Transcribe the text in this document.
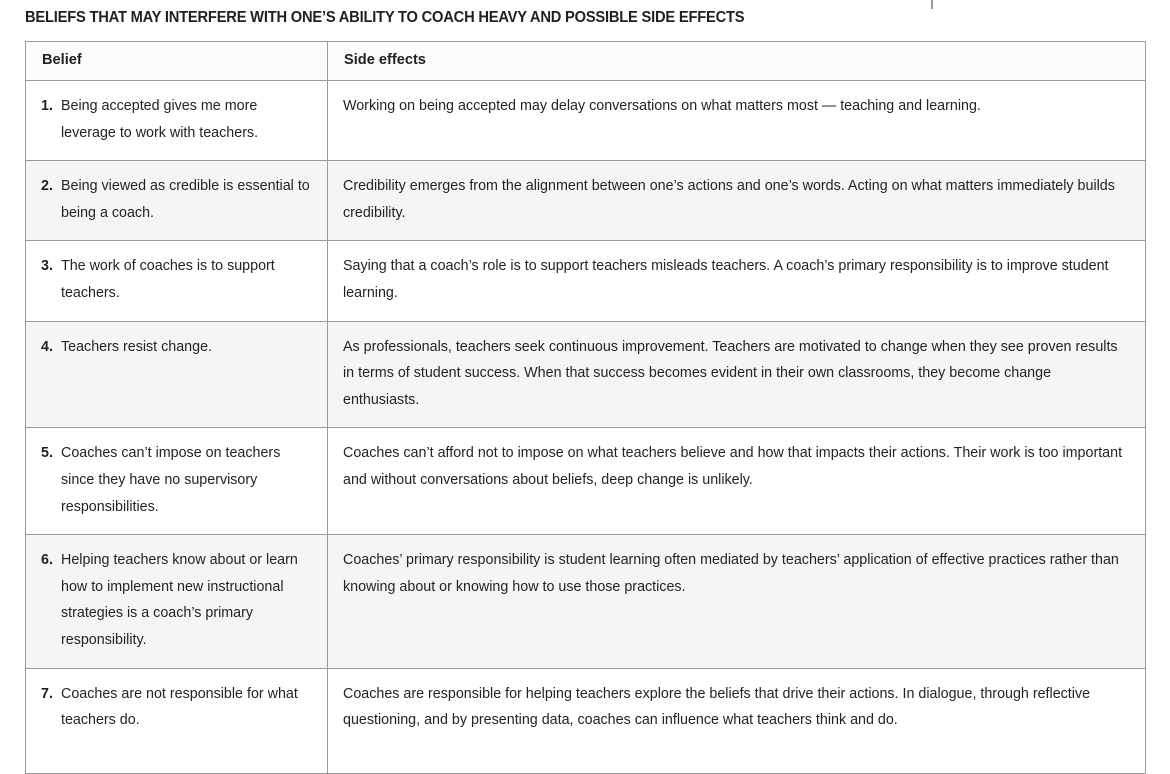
BELIEFS THAT MAY INTERFERE WITH ONE’S ABILITY TO COACH HEAVY AND POSSIBLE SIDE EFFECTS
Belief	Side effects

1. Being accepted gives me more leverage to work with teachers.	Working on being accepted may delay conversations on what matters most — teaching and learning.

2. Being viewed as credible is essential to being a coach.	Credibility emerges from the alignment between one’s actions and one’s words. Acting on what matters immediately builds credibility.

3. The work of coaches is to support teachers.	Saying that a coach’s role is to support teachers misleads teachers. A coach’s primary responsibility is to improve student learning.

4. Teachers resist change.	As professionals, teachers seek continuous improvement. Teachers are motivated to change when they see proven results in terms of student success. When that success becomes evident in their own classrooms, they become change enthusiasts.

5. Coaches can’t impose on teachers since they have no supervisory responsibilities.	Coaches can’t afford not to impose on what teachers believe and how that impacts their actions. Their work is too important and without conversations about beliefs, deep change is unlikely.

6. Helping teachers know about or learn how to implement new instructional strategies is a coach’s primary responsibility.	Coaches’ primary responsibility is student learning often mediated by teachers’ application of effective practices rather than knowing about or knowing how to use those practices.

7. Coaches are not responsible for what teachers do.	Coaches are responsible for helping teachers explore the beliefs that drive their actions. In dialogue, through reflective questioning, and by presenting data, coaches can influence what teachers think and do.
